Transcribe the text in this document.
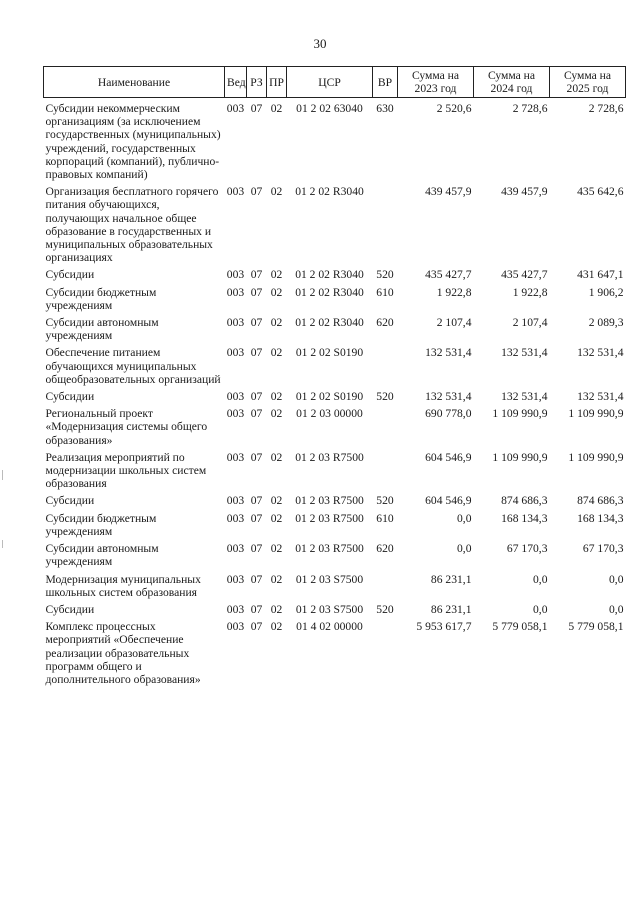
30
Наименование	Вед	РЗ	ПР	ЦСР	ВР	Сумма на 2023 год	Сумма на 2024 год	Сумма на 2025 год

Субсидии некоммерческим организациям (за исключением государственных (муниципальных) учреждений, государственных корпораций (компаний), публично-правовых компаний)	003	07	02	01 2 02 63040	630	2 520,6	2 728,6	2 728,6

Организация бесплатного горячего питания обучающихся, получающих начальное общее образование в государственных и муниципальных образовательных организациях	003	07	02	01 2 02 R3040		439 457,9	439 457,9	435 642,6

Субсидии	003	07	02	01 2 02 R3040	520	435 427,7	435 427,7	431 647,1

Субсидии бюджетным учреждениям	003	07	02	01 2 02 R3040	610	1 922,8	1 922,8	1 906,2

Субсидии автономным учреждениям	003	07	02	01 2 02 R3040	620	2 107,4	2 107,4	2 089,3

Обеспечение питанием обучающихся муниципальных общеобразовательных организаций	003	07	02	01 2 02 S0190		132 531,4	132 531,4	132 531,4

Субсидии	003	07	02	01 2 02 S0190	520	132 531,4	132 531,4	132 531,4

Региональный проект «Модернизация системы общего образования»	003	07	02	01 2 03 00000		690 778,0	1 109 990,9	1 109 990,9

Реализация мероприятий по модернизации школьных систем образования	003	07	02	01 2 03 R7500		604 546,9	1 109 990,9	1 109 990,9

Субсидии	003	07	02	01 2 03 R7500	520	604 546,9	874 686,3	874 686,3

Субсидии бюджетным учреждениям	003	07	02	01 2 03 R7500	610	0,0	168 134,3	168 134,3

Субсидии автономным учреждениям	003	07	02	01 2 03 R7500	620	0,0	67 170,3	67 170,3

Модернизация муниципальных школьных систем образования	003	07	02	01 2 03 S7500		86 231,1	0,0	0,0

Субсидии	003	07	02	01 2 03 S7500	520	86 231,1	0,0	0,0

Комплекс процессных мероприятий «Обеспечение реализации образовательных программ общего и дополнительного образования»	003	07	02	01 4 02 00000		5 953 617,7	5 779 058,1	5 779 058,1
